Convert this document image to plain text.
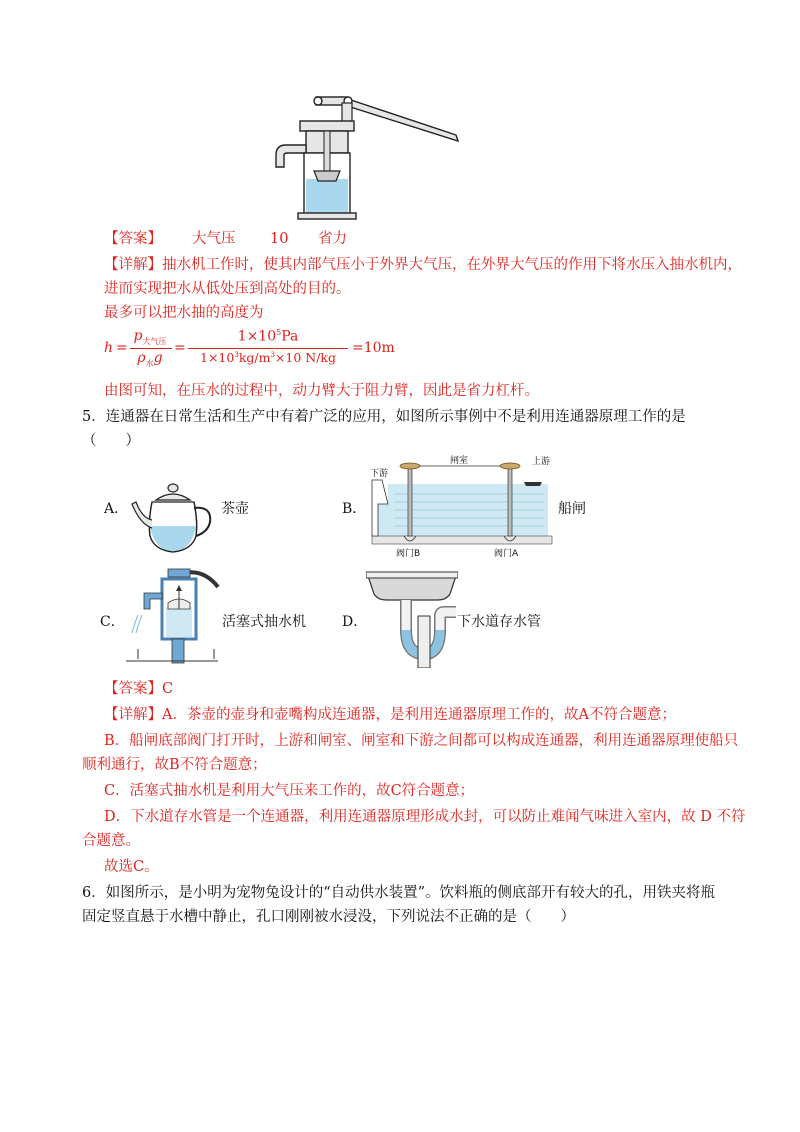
【答案】 大气压 10 省力
【详解】抽水机工作时，使其内部气压小于外界大气压，在外界大气压的作用下将水压入抽水机内，
进而实现把水从低处压到高处的目的。
最多可以把水抽的高度为
h =
$p_{大气压}$
$\rho_水g$
=
$1\times 10^5Pa$
$1\times 10^3kg/m^3\times 10$ N/kg
=10m
由图可知，在压水的过程中，动力臂大于阻力臂，因此是省力杠杆。
5．连通器在日常生活和生产中有着广泛的应用，如图所示事例中不是利用连通器原理工作的是
（　　）
A．	茶壶	B．
下游
闸室	上游
阀门B	阀门A
船闸
C．	活塞式抽水机	D．	下水道存水管
【答案】C
【详解】A．茶壶的壶身和壶嘴构成连通器，是利用连通器原理工作的，故A不符合题意；
B．船闸底部阀门打开时，上游和闸室、闸室和下游之间都可以构成连通器，利用连通器原理使船只
顺利通行，故B不符合题意；
C．活塞式抽水机是利用大气压来工作的，故C符合题意；
D．下水道存水管是一个连通器，利用连通器原理形成水封，可以防止难闻气味进入室内，故 D 不符
合题意。
故选C。
6．如图所示，是小明为宠物兔设计的“自动供水装置”。饮料瓶的侧底部开有较大的孔，用铁夹将瓶
固定竖直悬于水槽中静止，孔口刚刚被水浸没，下列说法不正确的是（　　）
